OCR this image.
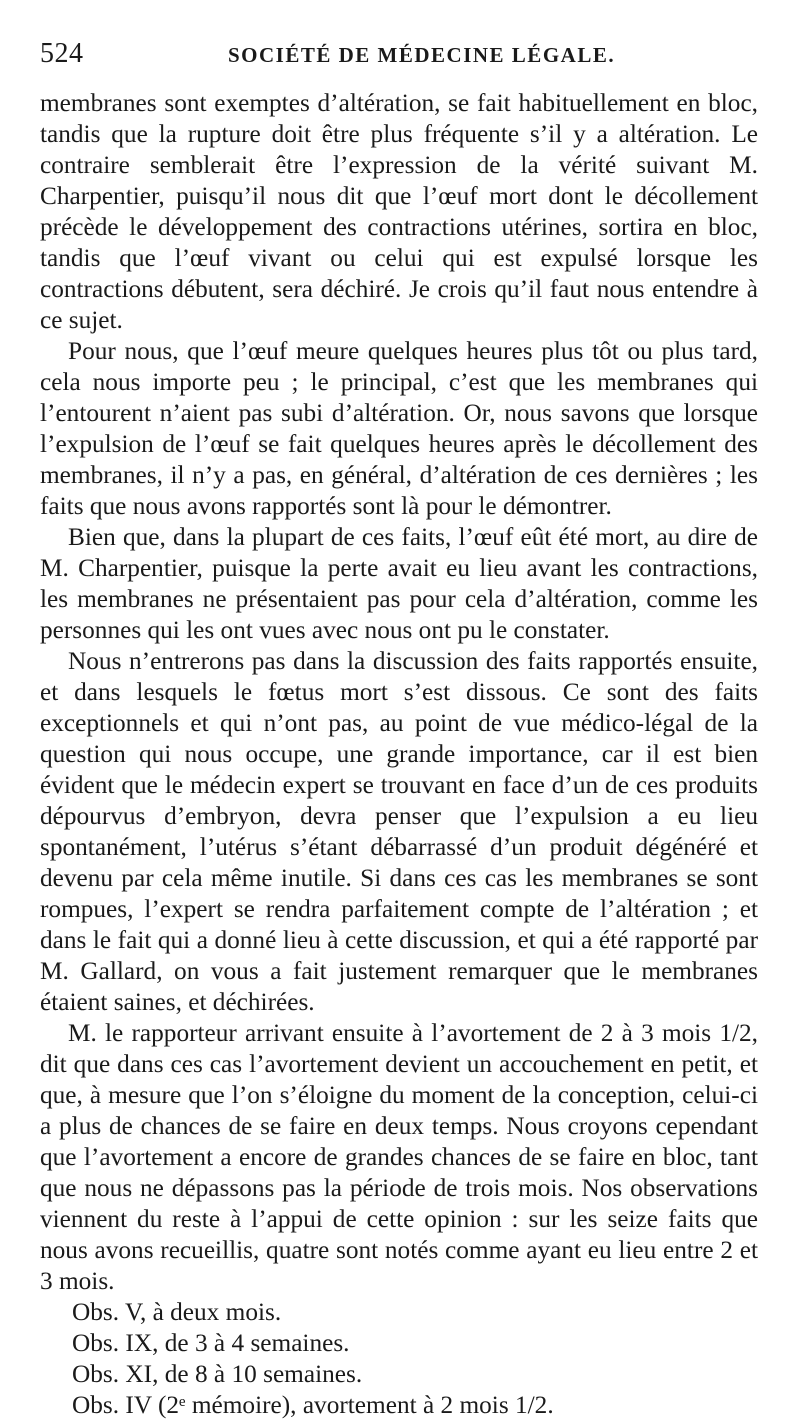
524	SOCIÉTÉ DE MÉDECINE LÉGALE.

membranes sont exemptes d’altération, se fait habituellement en bloc, tandis que la rupture doit être plus fréquente s’il y a altération. Le contraire semblerait être l’expression de la vérité suivant M. Charpentier, puisqu’il nous dit que l’œuf mort dont le décollement précède le développement des contractions utérines, sortira en bloc, tandis que l’œuf vivant ou celui qui est expulsé lorsque les contractions débutent, sera déchiré. Je crois qu’il faut nous entendre à ce sujet.

Pour nous, que l’œuf meure quelques heures plus tôt ou plus tard, cela nous importe peu ; le principal, c’est que les membranes qui l’entourent n’aient pas subi d’altération. Or, nous savons que lorsque l’expulsion de l’œuf se fait quelques heures après le décollement des membranes, il n’y a pas, en général, d’altération de ces dernières ; les faits que nous avons rapportés sont là pour le démontrer.

Bien que, dans la plupart de ces faits, l’œuf eût été mort, au dire de M. Charpentier, puisque la perte avait eu lieu avant les contractions, les membranes ne présentaient pas pour cela d’altération, comme les personnes qui les ont vues avec nous ont pu le constater.

Nous n’entrerons pas dans la discussion des faits rapportés ensuite, et dans lesquels le fœtus mort s’est dissous. Ce sont des faits exceptionnels et qui n’ont pas, au point de vue médico-légal de la question qui nous occupe, une grande importance, car il est bien évident que le médecin expert se trouvant en face d’un de ces produits dépourvus d’embryon, devra penser que l’expulsion a eu lieu spontanément, l’utérus s’étant débarrassé d’un produit dégénéré et devenu par cela même inutile. Si dans ces cas les membranes se sont rompues, l’expert se rendra parfaitement compte de l’altération ; et dans le fait qui a donné lieu à cette discussion, et qui a été rapporté par M. Gallard, on vous a fait justement remarquer que le membranes étaient saines, et déchirées.

M. le rapporteur arrivant ensuite à l’avortement de 2 à 3 mois 1/2, dit que dans ces cas l’avortement devient un accouchement en petit, et que, à mesure que l’on s’éloigne du moment de la conception, celui-ci a plus de chances de se faire en deux temps. Nous croyons cependant que l’avortement a encore de grandes chances de se faire en bloc, tant que nous ne dépassons pas la période de trois mois. Nos observations viennent du reste à l’appui de cette opinion : sur les seize faits que nous avons recueillis, quatre sont notés comme ayant eu lieu entre 2 et 3 mois.

Obs. V, à deux mois.
Obs. IX, de 3 à 4 semaines.
Obs. XI, de 8 à 10 semaines.
Obs. IV (2ᵉ mémoire), avortement à 2 mois 1/2.
